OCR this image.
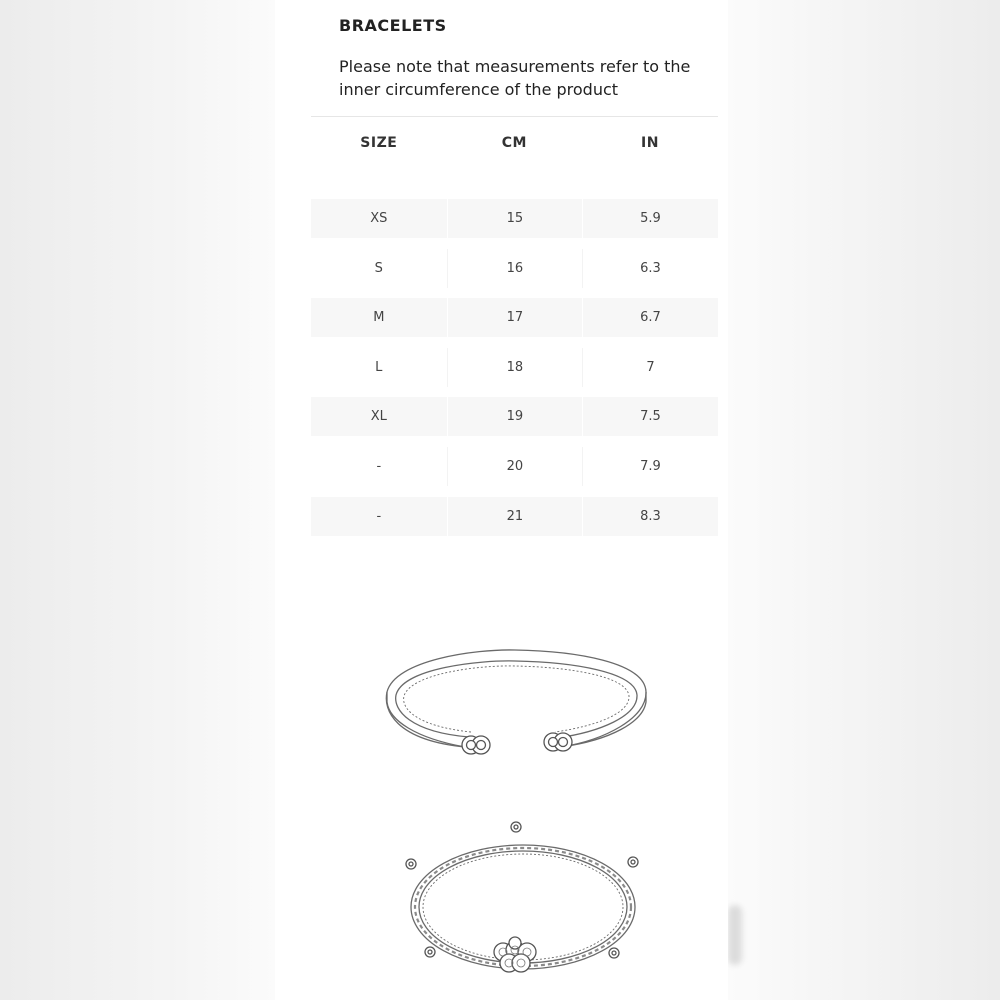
BRACELETS
Please note that measurements refer to the inner circumference of the product
SIZE	CM	IN
XS	15	5.9
S	16	6.3
M	17	6.7
L	18	7
XL	19	7.5
-	20	7.9
-	21	8.3
